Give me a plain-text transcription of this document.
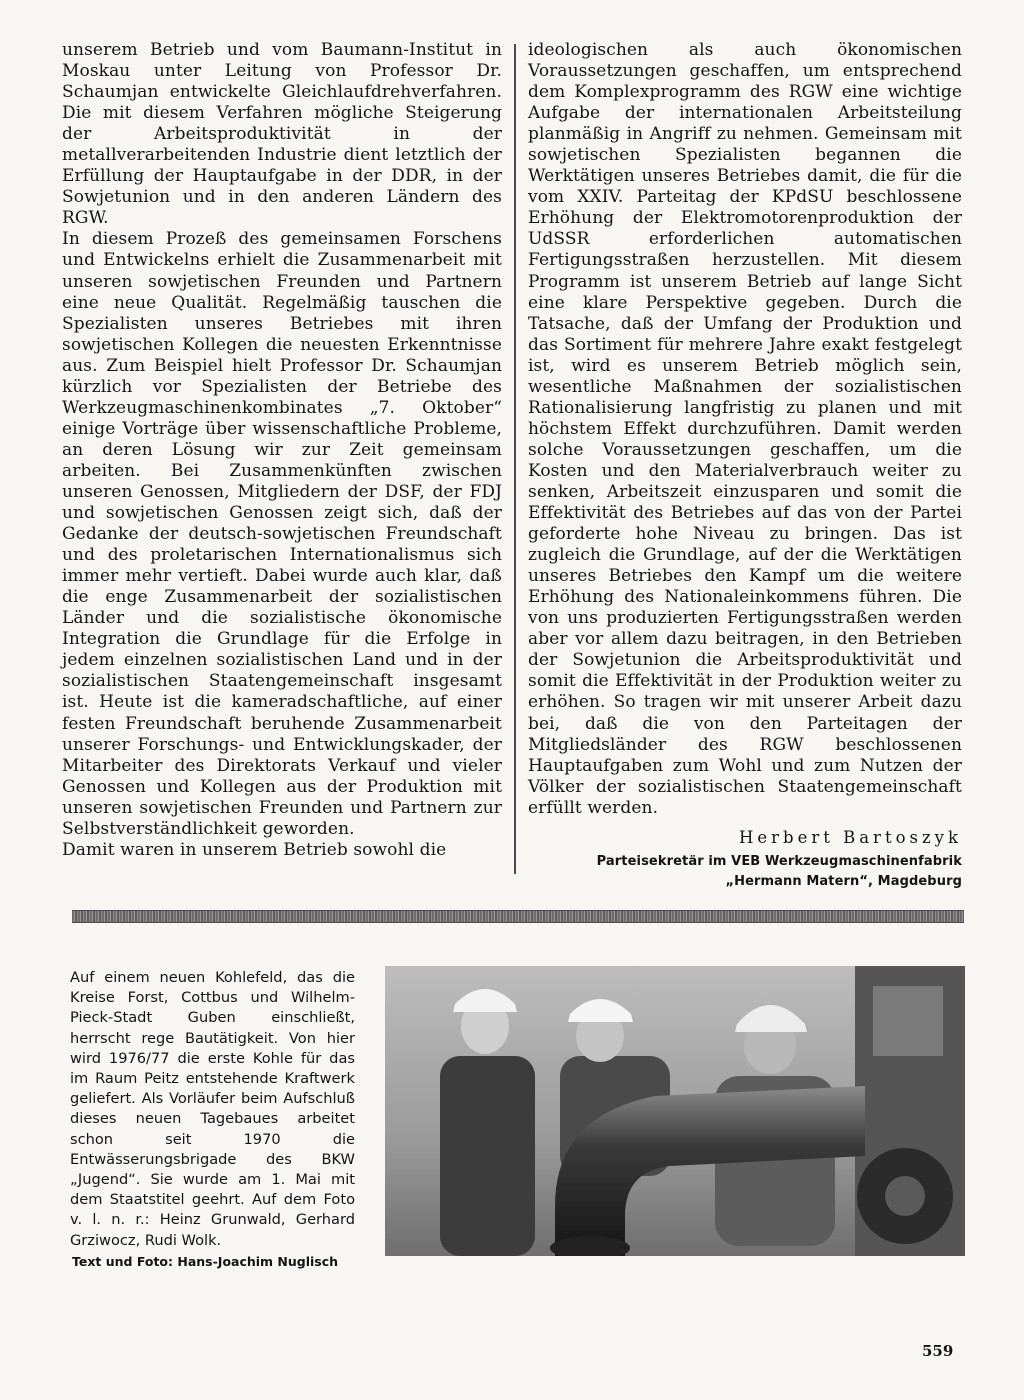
unserem Betrieb und vom Baumann-Institut in Moskau unter Leitung von Professor Dr. Schaumjan entwickelte Gleichlaufdrehverfahren. Die mit diesem Verfahren mögliche Steigerung der Arbeitsproduktivität in der metallverarbeitenden Industrie dient letztlich der Erfüllung der Hauptaufgabe in der DDR, in der Sowjetunion und in den anderen Ländern des RGW.

In diesem Prozeß des gemeinsamen Forschens und Entwickelns erhielt die Zusammenarbeit mit unseren sowjetischen Freunden und Partnern eine neue Qualität. Regelmäßig tauschen die Spezialisten unseres Betriebes mit ihren sowjetischen Kollegen die neuesten Erkenntnisse aus. Zum Beispiel hielt Professor Dr. Schaumjan kürzlich vor Spezialisten der Betriebe des Werkzeugmaschinenkombinates „7. Oktober“ einige Vorträge über wissenschaftliche Probleme, an deren Lösung wir zur Zeit gemeinsam arbeiten. Bei Zusammenkünften zwischen unseren Genossen, Mitgliedern der DSF, der FDJ und sowjetischen Genossen zeigt sich, daß der Gedanke der deutsch-sowjetischen Freundschaft und des proletarischen Internationalismus sich immer mehr vertieft. Dabei wurde auch klar, daß die enge Zusammenarbeit der sozialistischen Länder und die sozialistische ökonomische Integration die Grundlage für die Erfolge in jedem einzelnen sozialistischen Land und in der sozialistischen Staatengemeinschaft insgesamt ist. Heute ist die kameradschaftliche, auf einer festen Freundschaft beruhende Zusammenarbeit unserer Forschungs- und Entwicklungskader, der Mitarbeiter des Direktorats Verkauf und vieler Genossen und Kollegen aus der Produktion mit unseren sowjetischen Freunden und Partnern zur Selbstverständlichkeit geworden.

Damit waren in unserem Betrieb sowohl die

ideologischen als auch ökonomischen Voraussetzungen geschaffen, um entsprechend dem Komplexprogramm des RGW eine wichtige Aufgabe der internationalen Arbeitsteilung planmäßig in Angriff zu nehmen. Gemeinsam mit sowjetischen Spezialisten begannen die Werktätigen unseres Betriebes damit, die für die vom XXIV. Parteitag der KPdSU beschlossene Erhöhung der Elektromotorenproduktion der UdSSR erforderlichen automatischen Fertigungsstraßen herzustellen. Mit diesem Programm ist unserem Betrieb auf lange Sicht eine klare Perspektive gegeben. Durch die Tatsache, daß der Umfang der Produktion und das Sortiment für mehrere Jahre exakt festgelegt ist, wird es unserem Betrieb möglich sein, wesentliche Maßnahmen der sozialistischen Rationalisierung langfristig zu planen und mit höchstem Effekt durchzuführen. Damit werden solche Voraussetzungen geschaffen, um die Kosten und den Materialverbrauch weiter zu senken, Arbeitszeit einzusparen und somit die Effektivität des Betriebes auf das von der Partei geforderte hohe Niveau zu bringen. Das ist zugleich die Grundlage, auf der die Werktätigen unseres Betriebes den Kampf um die weitere Erhöhung des Nationaleinkommens führen. Die von uns produzierten Fertigungsstraßen werden aber vor allem dazu beitragen, in den Betrieben der Sowjetunion die Arbeitsproduktivität und somit die Effektivität in der Produktion weiter zu erhöhen. So tragen wir mit unserer Arbeit dazu bei, daß die von den Parteitagen der Mitgliedsländer des RGW beschlossenen Hauptaufgaben zum Wohl und zum Nutzen der Völker der sozialistischen Staatengemeinschaft erfüllt werden.

Herbert Bartoszyk
Parteisekretär im VEB Werkzeugmaschinenfabrik
„Hermann Matern“, Magdeburg
Auf einem neuen Kohlefeld, das die Kreise Forst, Cottbus und Wilhelm-Pieck-Stadt Guben einschließt, herrscht rege Bautätigkeit. Von hier wird 1976/77 die erste Kohle für das im Raum Peitz entstehende Kraftwerk geliefert. Als Vorläufer beim Aufschluß dieses neuen Tagebaues arbeitet schon seit 1970 die Entwässerungsbrigade des BKW „Jugend“. Sie wurde am 1. Mai mit dem Staatstitel geehrt. Auf dem Foto v. l. n. r.: Heinz Grunwald, Gerhard Grziwocz, Rudi Wolk.
Text und Foto: Hans-Joachim Nuglisch
559
